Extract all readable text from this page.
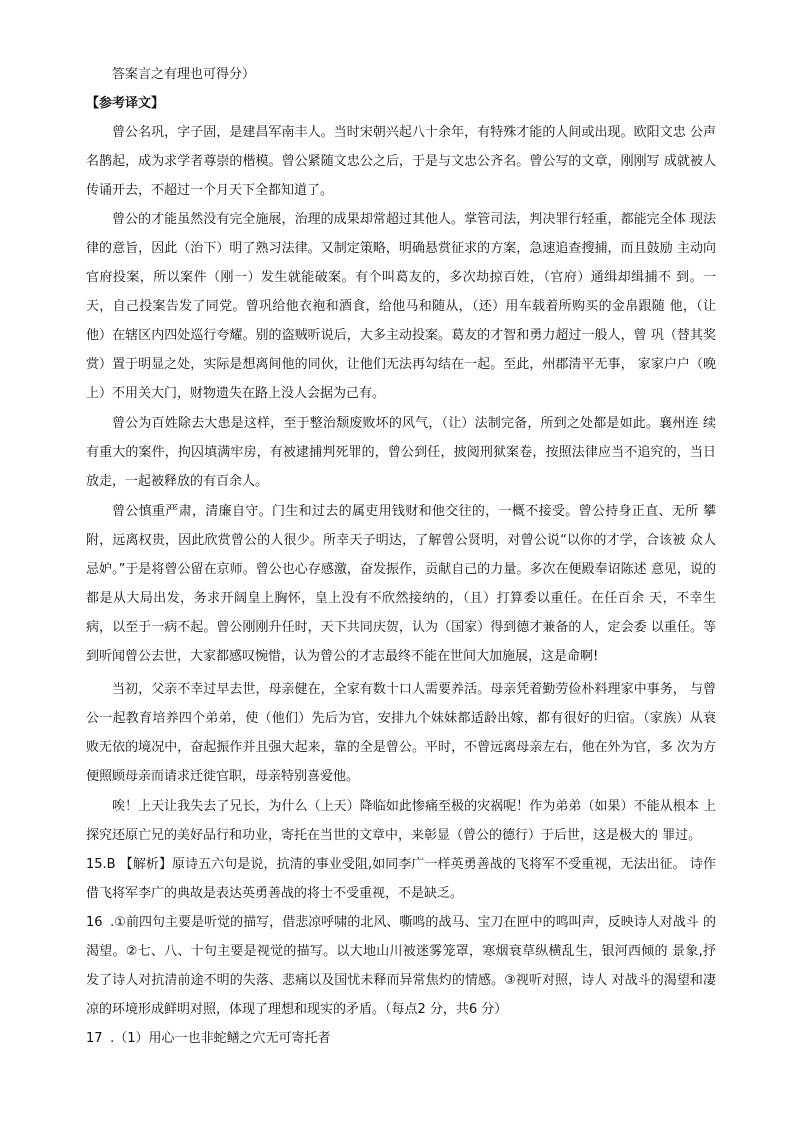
答案言之有理也可得分）

【参考译文】

曾公名巩，字子固，是建昌军南丰人。当时宋朝兴起八十余年，有特殊才能的人间或出现。欧阳文忠 公声名鹊起，成为求学者尊崇的楷模。曾公紧随文忠公之后，于是与文忠公齐名。曾公写的文章，刚刚写 成就被人传诵开去，不超过一个月天下全都知道了。

曾公的才能虽然没有完全施展，治理的成果却常超过其他人。掌管司法，判决罪行轻重，都能完全体 现法律的意旨，因此（治下）明了熟习法律。又制定策略，明确悬赏征求的方案，急速追查搜捕，而且鼓励 主动向官府投案，所以案件（刚一）发生就能破案。有个叫葛友的，多次劫掠百姓，（官府）通缉却缉捕不 到。一天，自己投案告发了同党。曾巩给他衣袍和酒食，给他马和随从，（还）用车载着所购买的金帛跟随 他，（让他）在辖区内四处巡行夸耀。别的盗贼听说后，大多主动投案。葛友的才智和勇力超过一般人，曾 巩（替其奖赏）置于明显之处，实际是想离间他的同伙，让他们无法再勾结在一起。至此，州郡清平无事， 家家户户（晚上）不用关大门，财物遗失在路上没人会据为己有。

曾公为百姓除去大患是这样，至于整治颓废败坏的风气，（让）法制完备，所到之处都是如此。襄州连 续有重大的案件，拘囚填满牢房，有被逮捕判死罪的，曾公到任，披阅刑狱案卷，按照法律应当不追究的，当日放走，一起被释放的有百余人。

曾公慎重严肃，清廉自守。门生和过去的属吏用钱财和他交往的，一概不接受。曾公持身正直、无所 攀附，远离权贵，因此欣赏曾公的人很少。所幸天子明达，了解曾公贤明，对曾公说“以你的才学，合该被 众人忌妒。”于是将曾公留在京师。曾公也心存感激，奋发振作，贡献自己的力量。多次在便殿奉诏陈述 意见，说的都是从大局出发，务求开阔皇上胸怀，皇上没有不欣然接纳的，（且）打算委以重任。在任百余 天，不幸生病，以至于一病不起。曾公刚刚升任时，天下共同庆贺，认为（国家）得到德才兼备的人，定会委 以重任。等到听闻曾公去世，大家都感叹惋惜，认为曾公的才志最终不能在世间大加施展，这是命啊!

当初，父亲不幸过早去世，母亲健在，全家有数十口人需要养活。母亲凭着勤劳俭朴料理家中事务， 与曾公一起教育培养四个弟弟，使（他们）先后为官，安排九个妹妹都适龄出嫁，都有很好的归宿。（家族）从衰败无依的境况中，奋起振作并且强大起来，靠的全是曾公。平时，不曾远离母亲左右，他在外为官，多 次为方便照顾母亲而请求迁徙官职，母亲特别喜爱他。

唉！上天让我失去了兄长，为什么（上天）降临如此惨痛至极的灾祸呢！作为弟弟（如果）不能从根本 上探究还原亡兄的美好品行和功业，寄托在当世的文章中，来彰显（曾公的德行）于后世，这是极大的 罪过。

15.B 【解析】原诗五六句是说，抗清的事业受阻,如同李广一样英勇善战的飞将军不受重视，无法出征。 诗作借飞将军李广的典故是表达英勇善战的将士不受重视，不是缺乏。

16 .①前四句主要是听觉的描写，借悲凉呼啸的北风、嘶鸣的战马、宝刀在匣中的鸣叫声，反映诗人对战斗 的渴望。②七、八、十句主要是视觉的描写。以大地山川被迷雾笼罩，寒烟衰草纵横乱生，银河西倾的 景象,抒发了诗人对抗清前途不明的失落、悲痛以及国忧未释而异常焦灼的情感。③视听对照，诗人 对战斗的渴望和凄凉的环境形成鲜明对照，体现了理想和现实的矛盾。（每点2 分，共6 分）

17 .（1）用心一也非蛇鳝之穴无可寄托者
